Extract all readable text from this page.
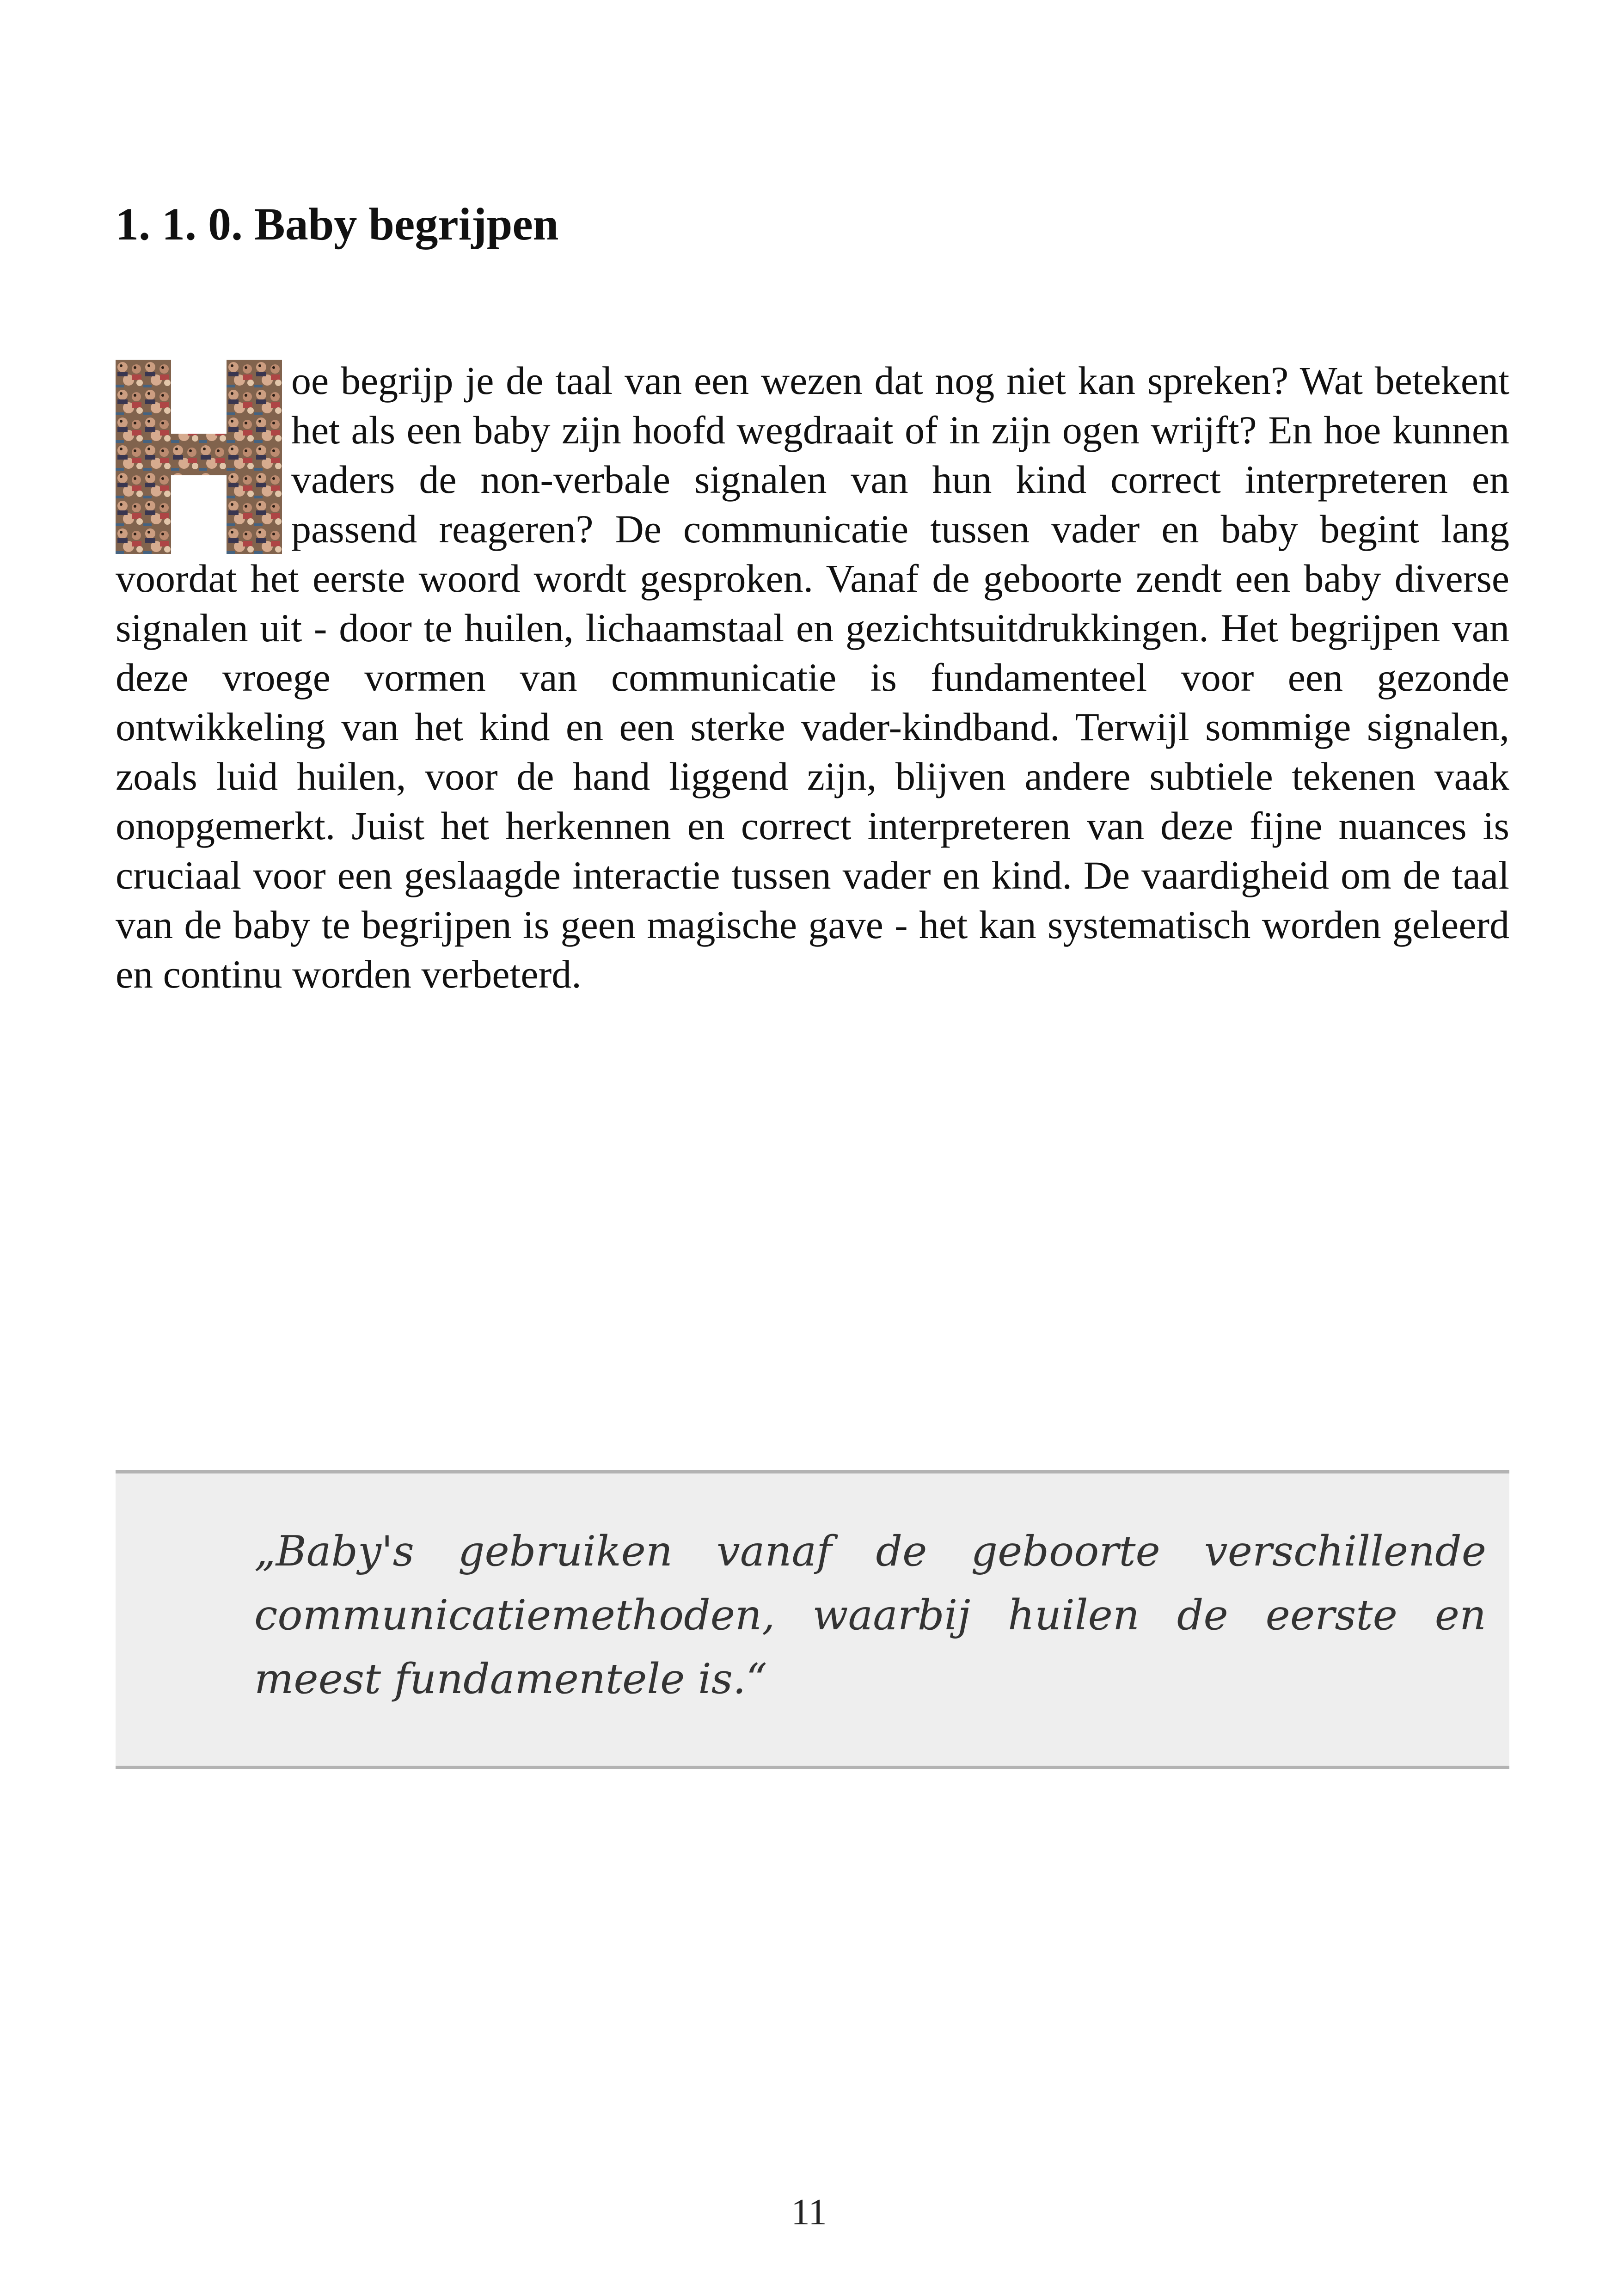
1. 1. 0. Baby begrijpen
oe begrijp je de taal van een wezen dat nog niet kan spreken? Wat betekent het als een baby zijn hoofd wegdraait of in zijn ogen wrijft? En hoe kunnen vaders de non-verbale signalen van hun kind correct interpreteren en passend reageren? De communicatie tussen vader en baby begint lang voordat het eerste woord wordt gesproken. Vanaf de geboorte zendt een baby diverse signalen uit - door te huilen, lichaamstaal en gezichtsuitdrukkingen. Het begrijpen van deze vroege vormen van communicatie is fundamenteel voor een gezonde ontwikkeling van het kind en een sterke vader-kindband. Terwijl sommige signalen, zoals luid huilen, voor de hand liggend zijn, blijven andere subtiele tekenen vaak onopgemerkt. Juist het herkennen en correct interpreteren van deze fijne nuances is cruciaal voor een geslaagde interactie tussen vader en kind. De vaardigheid om de taal van de baby te begrijpen is geen magische gave - het kan systematisch worden geleerd en continu worden verbeterd.

„Baby's gebruiken vanaf de geboorte verschillende communicatiemethoden, waarbij huilen de eerste en meest fundamentele is.“

11
